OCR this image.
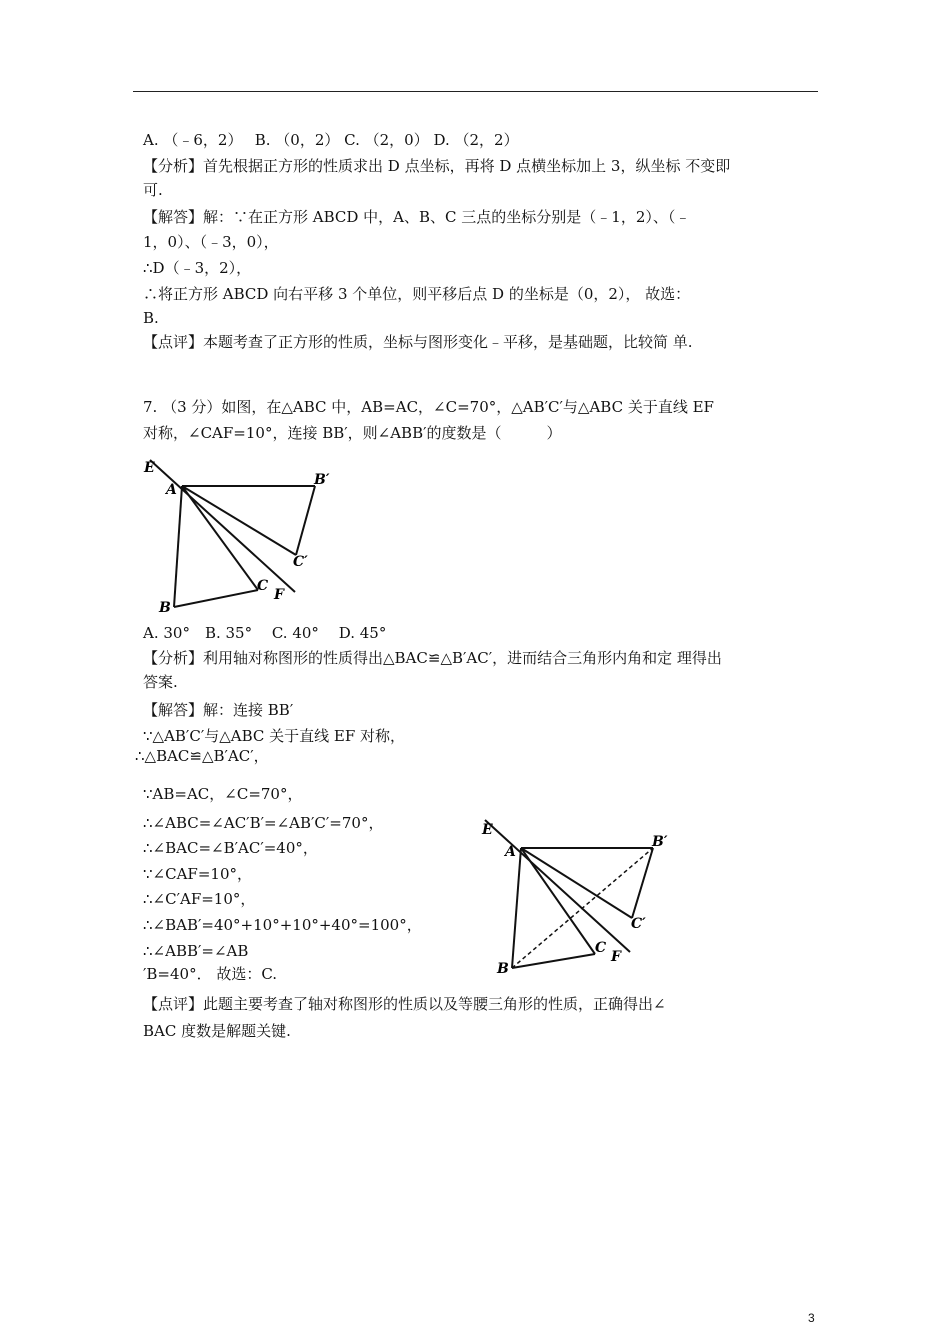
A. （﹣6，2）　 B. （0，2） C. （2，0） D. （2，2）

【分析】首先根据正方形的性质求出 D 点坐标，再将 D 点横坐标加上 3，纵坐标 不变即

可.

【解答】解：∵在正方形 ABCD 中，A、B、C 三点的坐标分别是（﹣1，2）、（﹣

1，0）、（﹣3，0），

∴D（﹣3，2），

∴将正方形 ABCD 向右平移 3 个单位，则平移后点 D 的坐标是（0，2）， 故选：

B.

【点评】本题考查了正方形的性质，坐标与图形变化﹣平移，是基础题，比较简 单.

7. （3 分）如图，在△ABC 中，AB=AC，∠C=70°，△AB′C′与△ABC 关于直线 EF

对称，∠CAF=10°，连接 BB′，则∠ABB′的度数是（　　　）

E
A
B′
C′
C
F
B

A. 30°　B. 35°　 C. 40°　 D. 45°

【分析】利用轴对称图形的性质得出△BAC≌△B′AC′，进而结合三角形内角和定 理得出

答案.

【解答】解：连接 BB′

∵△AB′C′与△ABC 关于直线 EF 对称，

∴△BAC≌△B′AC′，

∵AB=AC，∠C=70°，

∴∠ABC=∠AC′B′=∠AB′C′=70°，

∴∠BAC=∠B′AC′=40°，

∵∠CAF=10°，

∴∠C′AF=10°，

∴∠BAB′=40°+10°+10°+40°=100°，

∴∠ABB′=∠AB

′B=40°． 故选：C.

E
A
B′
C′
C
F
B

【点评】此题主要考查了轴对称图形的性质以及等腰三角形的性质，正确得出∠

BAC 度数是解题关键.

3
